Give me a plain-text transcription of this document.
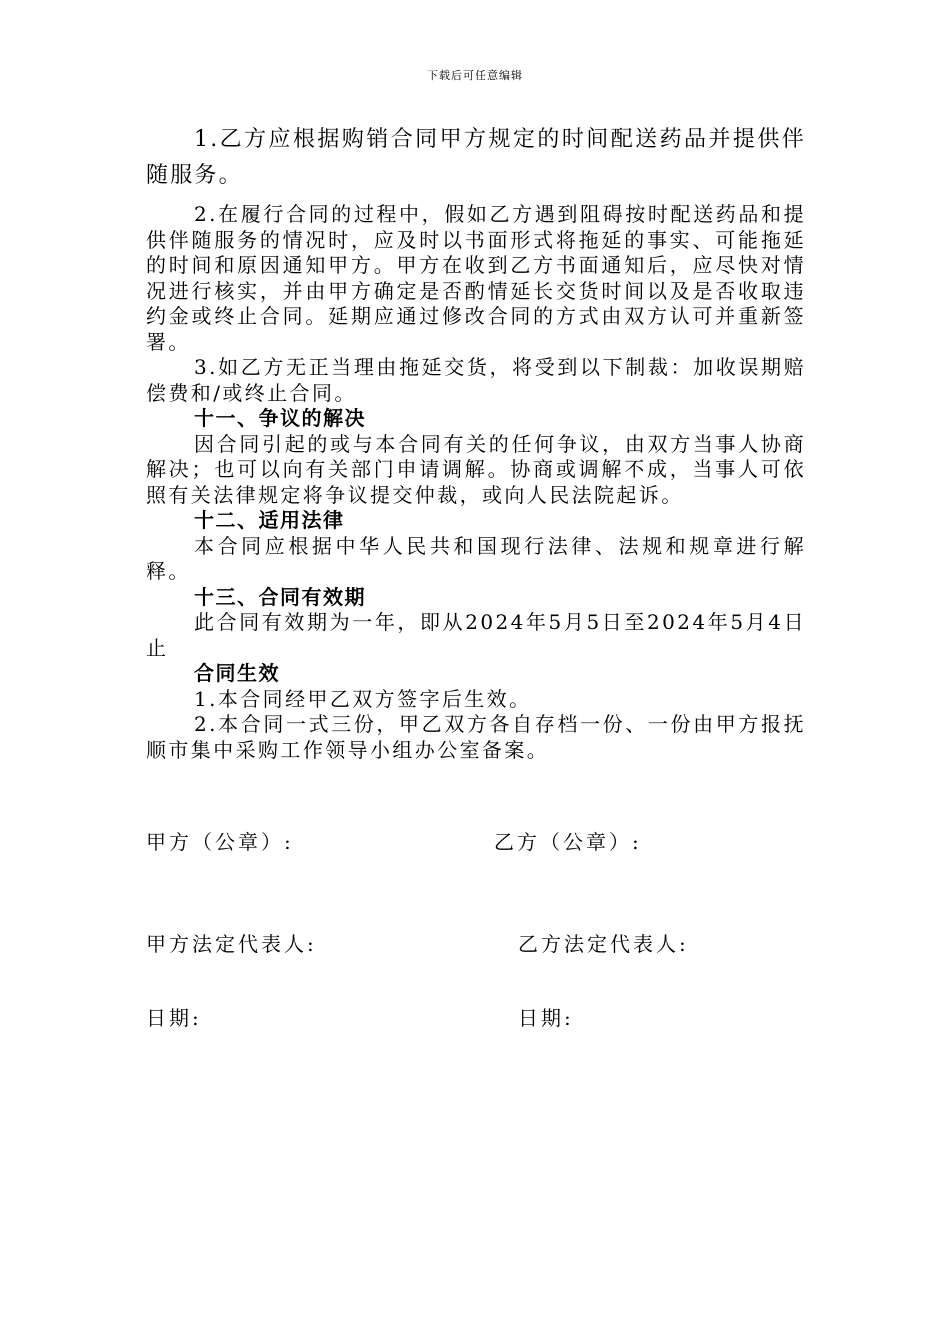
下载后可任意编辑

1.乙方应根据购销合同甲方规定的时间配送药品并提供伴随服务。

2.在履行合同的过程中，假如乙方遇到阻碍按时配送药品和提供伴随服务的情况时，应及时以书面形式将拖延的事实、可能拖延的时间和原因通知甲方。甲方在收到乙方书面通知后，应尽快对情况进行核实，并由甲方确定是否酌情延长交货时间以及是否收取违约金或终止合同。延期应通过修改合同的方式由双方认可并重新签署。

3.如乙方无正当理由拖延交货，将受到以下制裁：加收误期赔偿费和/或终止合同。

十一、争议的解决

因合同引起的或与本合同有关的任何争议，由双方当事人协商解决；也可以向有关部门申请调解。协商或调解不成，当事人可依照有关法律规定将争议提交仲裁，或向人民法院起诉。

十二、适用法律

本合同应根据中华人民共和国现行法律、法规和规章进行解释。

十三、合同有效期

此合同有效期为一年，即从2024年5月5日至2024年5月4日止

合同生效

1.本合同经甲乙双方签字后生效。

2.本合同一式三份，甲乙双方各自存档一份、一份由甲方报抚顺市集中采购工作领导小组办公室备案。

甲方（公章）:	乙方（公章）:
甲方法定代表人:	乙方法定代表人:
日期:	日期:
